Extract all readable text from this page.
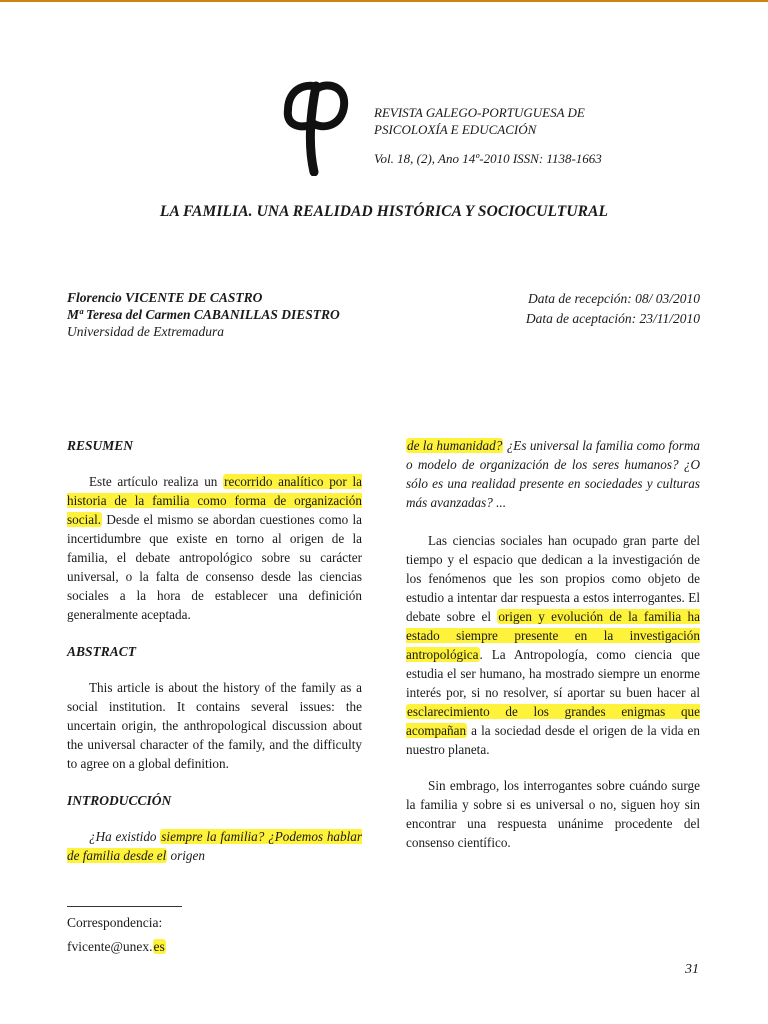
REVISTA GALEGO-PORTUGUESA DE
PSICOLOXÍA E EDUCACIÓN
Vol. 18, (2), Ano 14º-2010 ISSN: 1138-1663
LA FAMILIA. UNA REALIDAD HISTÓRICA Y SOCIOCULTURAL
Florencio VICENTE DE CASTRO
Mª Teresa del Carmen CABANILLAS DIESTRO
Universidad de Extremadura
Data de recepción: 08/ 03/2010
Data de aceptación: 23/11/2010
RESUMEN

Este artículo realiza un recorrido analítico por la historia de la familia como forma de organización social. Desde el mismo se abordan cuestiones como la incertidumbre que existe en torno al origen de la familia, el debate antropológico sobre su carácter universal, o la falta de consenso desde las ciencias sociales a la hora de establecer una definición generalmente aceptada.

ABSTRACT

This article is about the history of the family as a social institution. It contains several issues: the uncertain origin, the anthropological discussion about the universal character of the family, and the difficulty to agree on a global definition.

INTRODUCCIÓN

¿Ha existido siempre la familia? ¿Podemos hablar de familia desde el origen

de la humanidad? ¿Es universal la familia como forma o modelo de organización de los seres humanos? ¿O sólo es una realidad presente en sociedades y culturas más avanzadas? ...

Las ciencias sociales han ocupado gran parte del tiempo y el espacio que dedican a la investigación de los fenómenos que les son propios como objeto de estudio a intentar dar respuesta a estos interrogantes. El debate sobre el origen y evolución de la familia ha estado siempre presente en la investigación antropológica. La Antropología, como ciencia que estudia el ser humano, ha mostrado siempre un enorme interés por, si no resolver, sí aportar su buen hacer al esclarecimiento de los grandes enigmas que acompañan a la sociedad desde el origen de la vida en nuestro planeta.

Sin embrago, los interrogantes sobre cuándo surge la familia y sobre si es universal o no, siguen hoy sin encontrar una respuesta unánime procedente del consenso científico.

Correspondencia:
fvicente@unex.es
31
